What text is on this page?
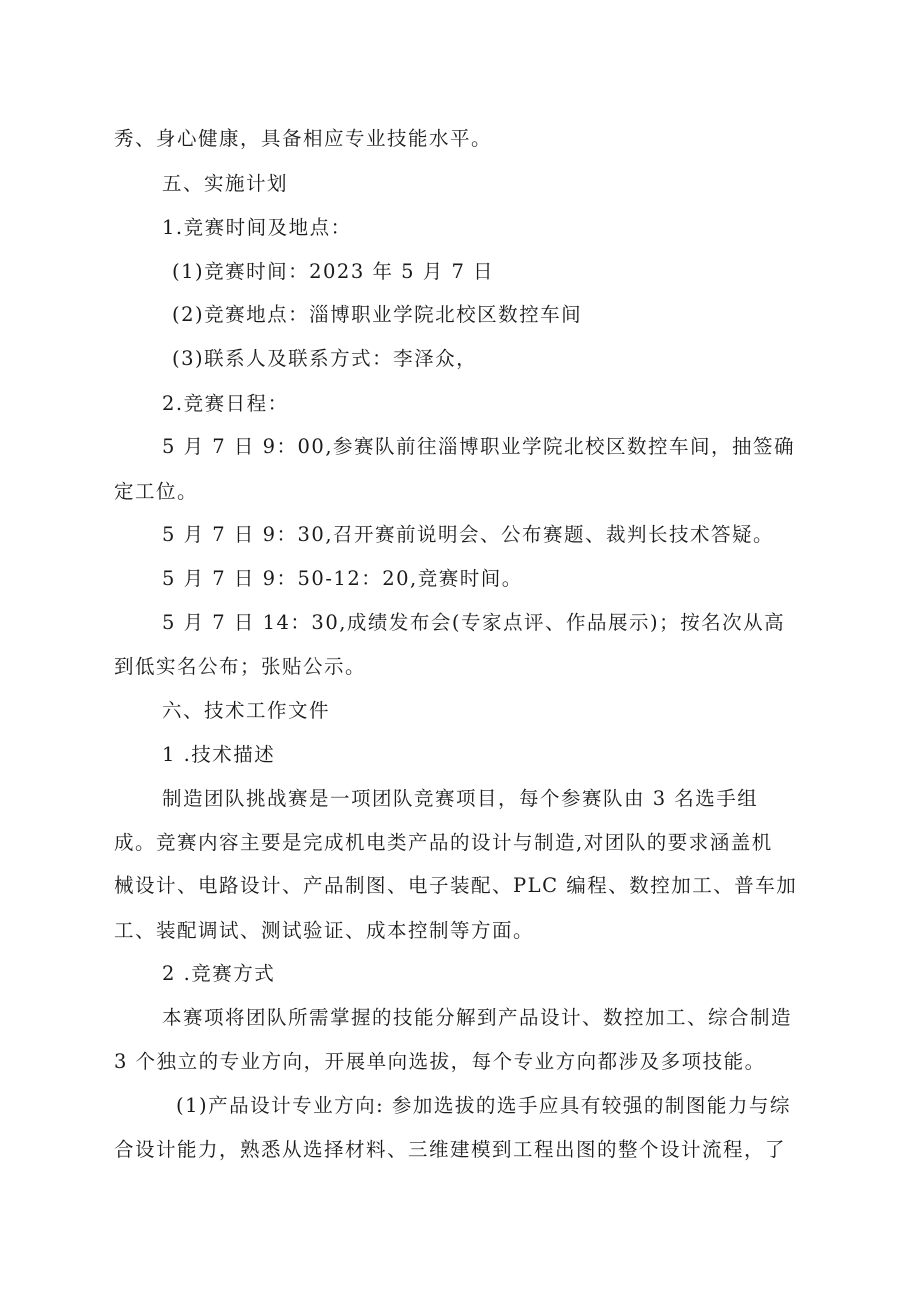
秀、身心健康，具备相应专业技能水平。
五、实施计划
1.竞赛时间及地点：
(1)竞赛时间：2023 年 5 月 7 日
(2)竞赛地点：淄博职业学院北校区数控车间
(3)联系人及联系方式：李泽众，
2.竞赛日程：
5 月 7 日 9：00,参赛队前往淄博职业学院北校区数控车间，抽签确
定工位。
5 月 7 日 9：30,召开赛前说明会、公布赛题、裁判长技术答疑。
5 月 7 日 9：50-12：20,竞赛时间。
5 月 7 日 14：30,成绩发布会(专家点评、作品展示)；按名次从高
到低实名公布；张贴公示。
六、技术工作文件
1 .技术描述
制造团队挑战赛是一项团队竞赛项目，每个参赛队由 3 名选手组
成。竞赛内容主要是完成机电类产品的设计与制造,对团队的要求涵盖机
械设计、电路设计、产品制图、电子装配、PLC 编程、数控加工、普车加
工、装配调试、测试验证、成本控制等方面。
2 .竞赛方式
本赛项将团队所需掌握的技能分解到产品设计、数控加工、综合制造
3 个独立的专业方向，开展单向选拔，每个专业方向都涉及多项技能。
(1)产品设计专业方向: 参加选拔的选手应具有较强的制图能力与综
合设计能力，熟悉从选择材料、三维建模到工程出图的整个设计流程，了
